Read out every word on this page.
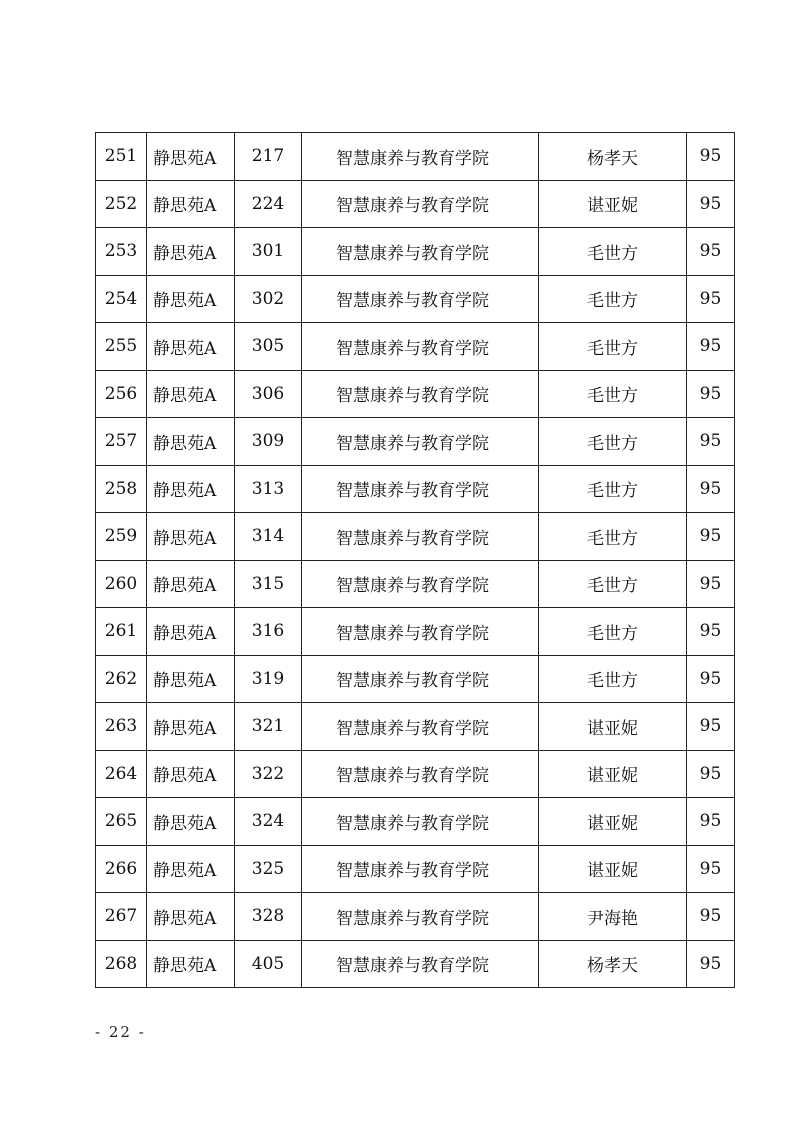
251	静思苑A	217	智慧康养与教育学院	杨孝天	95
252	静思苑A	224	智慧康养与教育学院	谌亚妮	95
253	静思苑A	301	智慧康养与教育学院	毛世方	95
254	静思苑A	302	智慧康养与教育学院	毛世方	95
255	静思苑A	305	智慧康养与教育学院	毛世方	95
256	静思苑A	306	智慧康养与教育学院	毛世方	95
257	静思苑A	309	智慧康养与教育学院	毛世方	95
258	静思苑A	313	智慧康养与教育学院	毛世方	95
259	静思苑A	314	智慧康养与教育学院	毛世方	95
260	静思苑A	315	智慧康养与教育学院	毛世方	95
261	静思苑A	316	智慧康养与教育学院	毛世方	95
262	静思苑A	319	智慧康养与教育学院	毛世方	95
263	静思苑A	321	智慧康养与教育学院	谌亚妮	95
264	静思苑A	322	智慧康养与教育学院	谌亚妮	95
265	静思苑A	324	智慧康养与教育学院	谌亚妮	95
266	静思苑A	325	智慧康养与教育学院	谌亚妮	95
267	静思苑A	328	智慧康养与教育学院	尹海艳	95
268	静思苑A	405	智慧康养与教育学院	杨孝天	95
- 22 -
